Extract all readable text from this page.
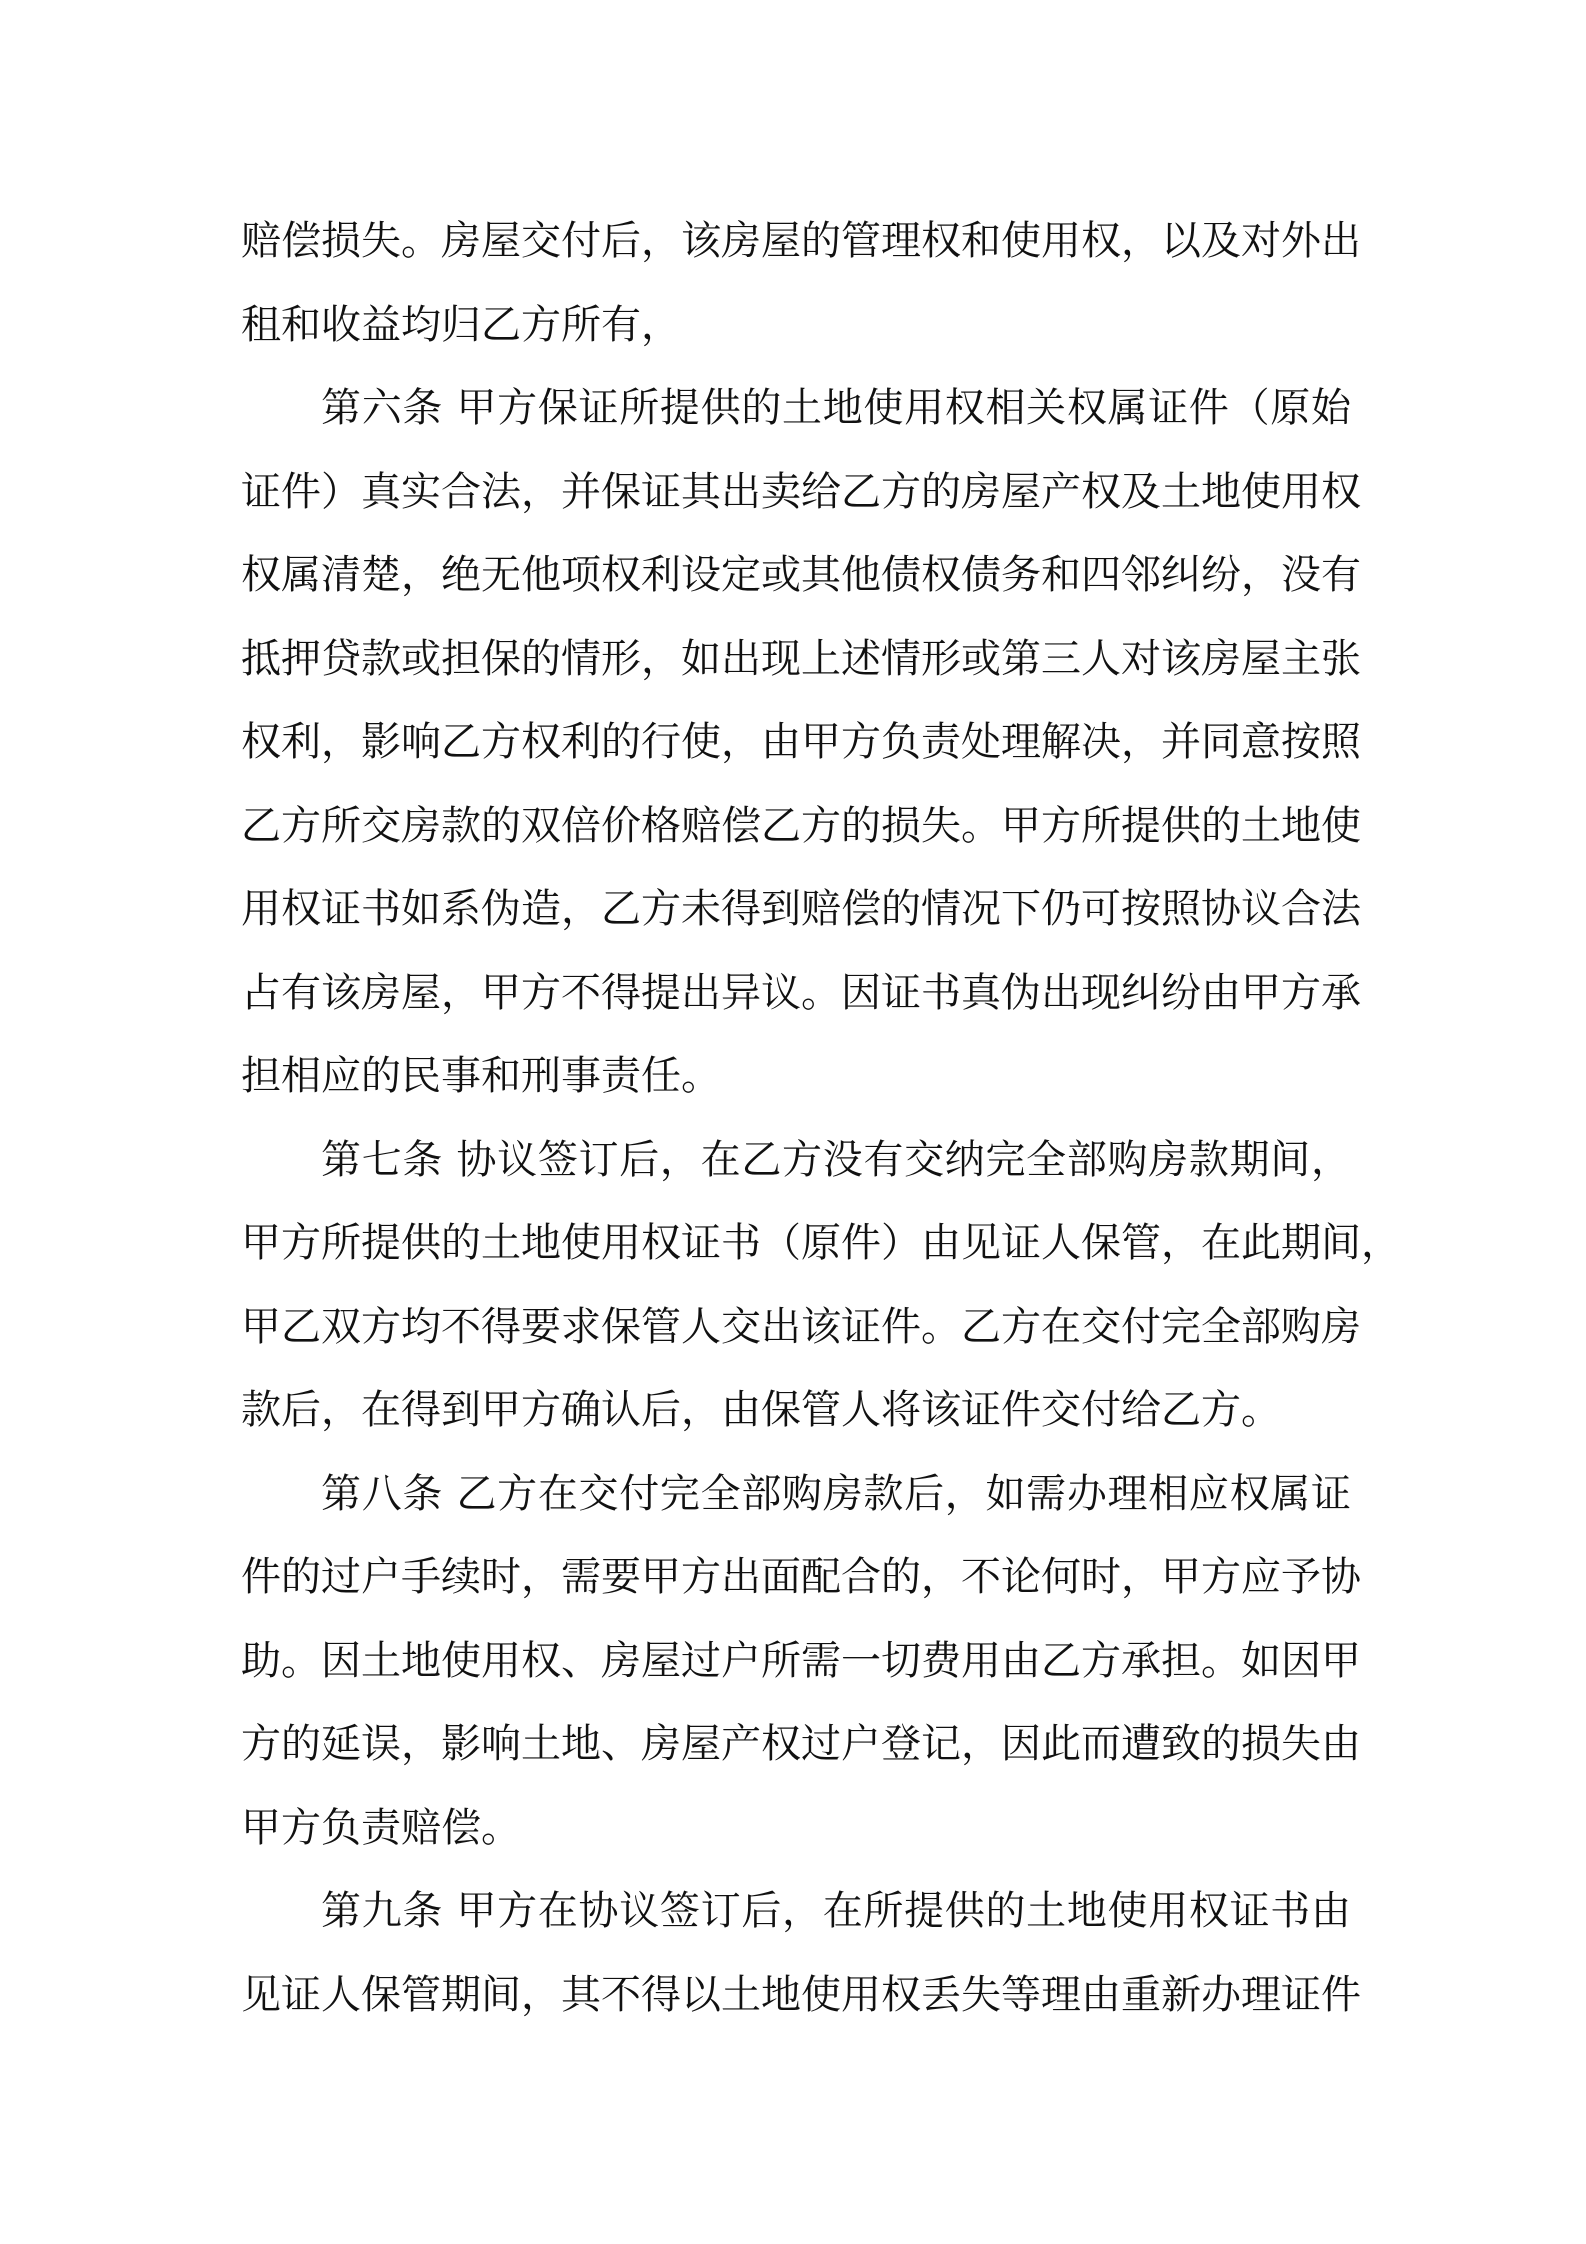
赔偿损失。房屋交付后，该房屋的管理权和使用权，以及对外出
租和收益均归乙方所有，
第六条 甲方保证所提供的土地使用权相关权属证件（原始
证件）真实合法，并保证其出卖给乙方的房屋产权及土地使用权
权属清楚，绝无他项权利设定或其他债权债务和四邻纠纷，没有
抵押贷款或担保的情形，如出现上述情形或第三人对该房屋主张
权利，影响乙方权利的行使，由甲方负责处理解决，并同意按照
乙方所交房款的双倍价格赔偿乙方的损失。甲方所提供的土地使
用权证书如系伪造，乙方未得到赔偿的情况下仍可按照协议合法
占有该房屋，甲方不得提出异议。因证书真伪出现纠纷由甲方承
担相应的民事和刑事责任。
第七条 协议签订后，在乙方没有交纳完全部购房款期间，
甲方所提供的土地使用权证书（原件）由见证人保管，在此期间，
甲乙双方均不得要求保管人交出该证件。乙方在交付完全部购房
款后，在得到甲方确认后，由保管人将该证件交付给乙方。
第八条 乙方在交付完全部购房款后，如需办理相应权属证
件的过户手续时，需要甲方出面配合的，不论何时，甲方应予协
助。因土地使用权、房屋过户所需一切费用由乙方承担。如因甲
方的延误，影响土地、房屋产权过户登记，因此而遭致的损失由
甲方负责赔偿。
第九条 甲方在协议签订后，在所提供的土地使用权证书由
见证人保管期间，其不得以土地使用权丢失等理由重新办理证件
